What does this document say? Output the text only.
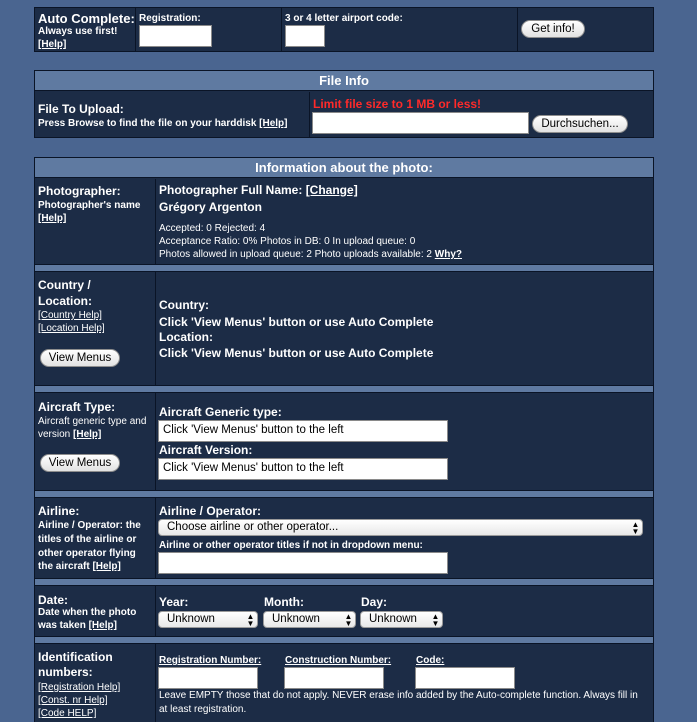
Auto Complete:
Always use first!
[Help]
Registration:	3 or 4 letter airport code:
Get info!
File Info
File To Upload:
Press Browse to find the file on your harddisk [Help]
Limit file size to 1 MB or less!
Durchsuchen...
Information about the photo:
Photographer:
Photographer's name
[Help]
Photographer Full Name: [Change]
Grégory Argenton
Accepted: 0 Rejected: 4
Acceptance Ratio: 0% Photos in DB: 0 In upload queue: 0
Photos allowed in upload queue: 2 Photo uploads available: 2 Why?
Country /
Location:
[Country Help]
[Location Help]
View Menus
Country:
Click 'View Menus' button or use Auto Complete
Location:
Click 'View Menus' button or use Auto Complete
Aircraft Type:
Aircraft generic type and
version [Help]
View Menus
Aircraft Generic type:
Click 'View Menus' button to the left
Aircraft Version:
Click 'View Menus' button to the left
Airline:
Airline / Operator: the
titles of the airline or
other operator flying
the aircraft [Help]
Airline / Operator:
Choose airline or other operator...	▲
▼
Airline or other operator titles if not in dropdown menu:
Date:
Date when the photo
was taken [Help]
Year:
Unknown	▲
▼
Month:
Unknown	▲
▼
Day:
Unknown	▲
▼
Identification
numbers:
[Registration Help]
[Const. nr Help]
[Code HELP]
Registration Number: Construction Number: Code:
Leave EMPTY those that do not apply. NEVER erase info added by the Auto-complete function. Always fill in
at least registration.
